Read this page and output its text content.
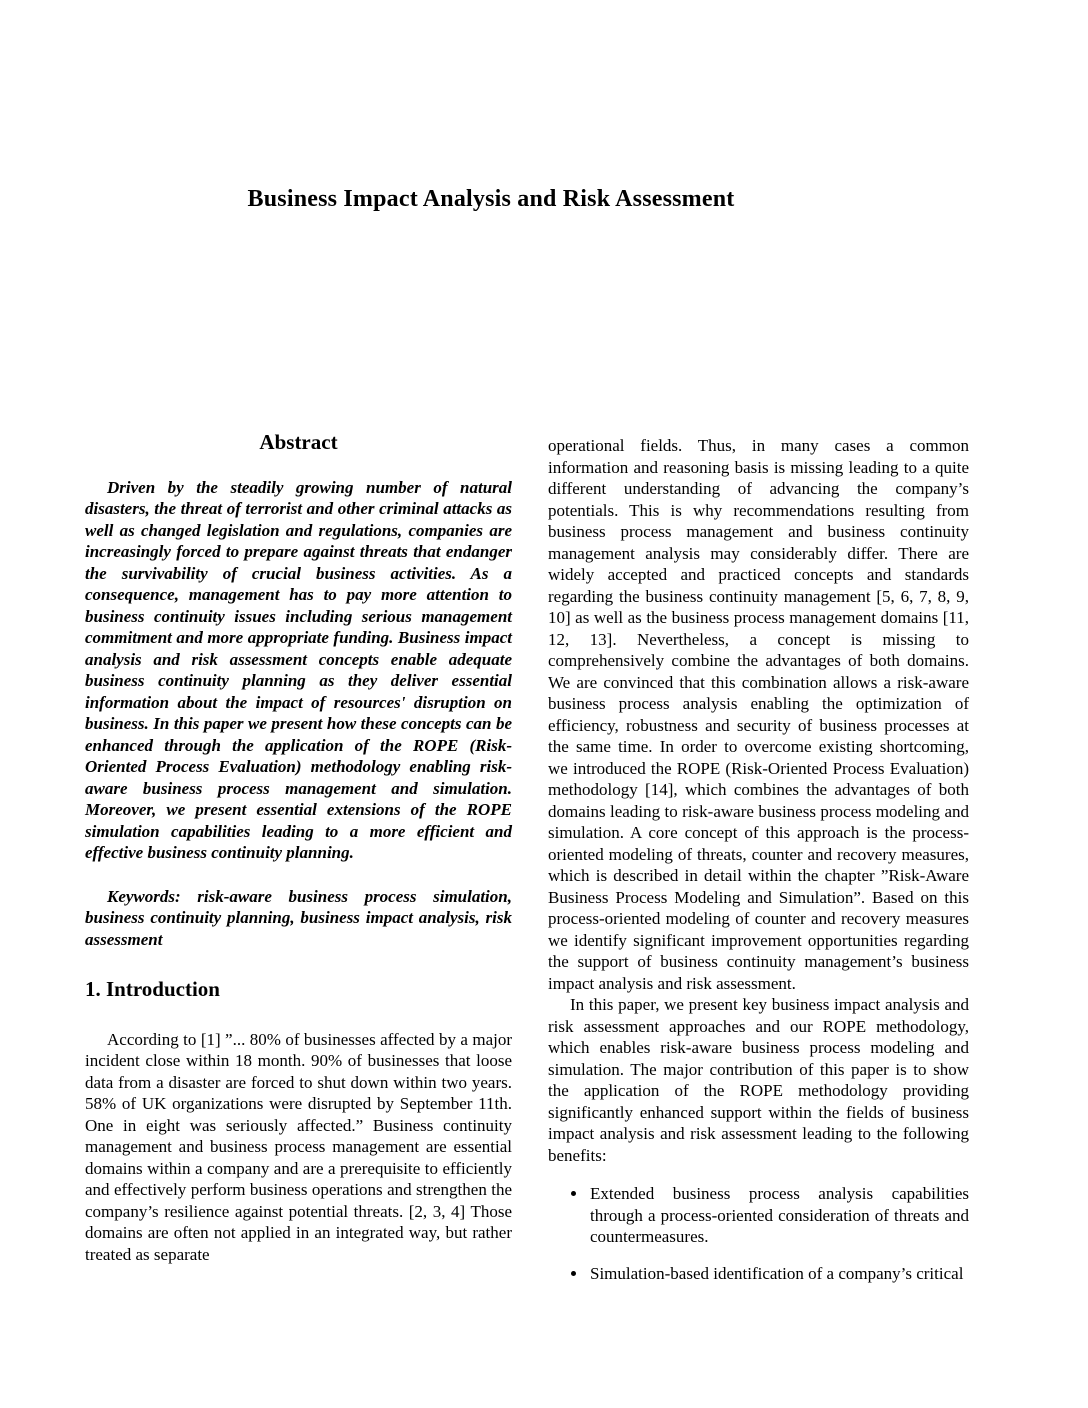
Business Impact Analysis and Risk Assessment
Abstract

Driven by the steadily growing number of natural disasters, the threat of terrorist and other criminal attacks as well as changed legislation and regulations, companies are increasingly forced to prepare against threats that endanger the survivability of crucial business activities. As a consequence, management has to pay more attention to business continuity issues including serious management commitment and more appropriate funding. Business impact analysis and risk assessment concepts enable adequate business continuity planning as they deliver essential information about the impact of resources' disruption on business. In this paper we present how these concepts can be enhanced through the application of the ROPE (Risk-Oriented Process Evaluation) methodology enabling risk-aware business process management and simulation. Moreover, we present essential extensions of the ROPE simulation capabilities leading to a more efficient and effective business continuity planning.

Keywords: risk-aware business process simulation, business continuity planning, business impact analysis, risk assessment

1. Introduction

According to [1] ”... 80% of businesses affected by a major incident close within 18 month. 90% of businesses that loose data from a disaster are forced to shut down within two years. 58% of UK organizations were disrupted by September 11th. One in eight was seriously affected.” Business continuity management and business process management are essential domains within a company and are a prerequisite to efficiently and effectively perform business operations and strengthen the company’s resilience against potential threats. [2, 3, 4] Those domains are often not applied in an integrated way, but rather treated as separate

operational fields. Thus, in many cases a common information and reasoning basis is missing leading to a quite different understanding of advancing the company’s potentials. This is why recommendations resulting from business process management and business continuity management analysis may considerably differ. There are widely accepted and practiced concepts and standards regarding the business continuity management [5, 6, 7, 8, 9, 10] as well as the business process management domains [11, 12, 13]. Nevertheless, a concept is missing to comprehensively combine the advantages of both domains. We are convinced that this combination allows a risk-aware business process analysis enabling the optimization of efficiency, robustness and security of business processes at the same time. In order to overcome existing shortcoming, we introduced the ROPE (Risk-Oriented Process Evaluation) methodology [14], which combines the advantages of both domains leading to risk-aware business process modeling and simulation. A core concept of this approach is the process-oriented modeling of threats, counter and recovery measures, which is described in detail within the chapter ”Risk-Aware Business Process Modeling and Simulation”. Based on this process-oriented modeling of counter and recovery measures we identify significant improvement opportunities regarding the support of business continuity management’s business impact analysis and risk assessment.

In this paper, we present key business impact analysis and risk assessment approaches and our ROPE methodology, which enables risk-aware business process modeling and simulation. The major contribution of this paper is to show the application of the ROPE methodology providing significantly enhanced support within the fields of business impact analysis and risk assessment leading to the following benefits:

• Extended business process analysis capabilities through a process-oriented consideration of threats and countermeasures.
• Simulation-based identification of a company’s critical
